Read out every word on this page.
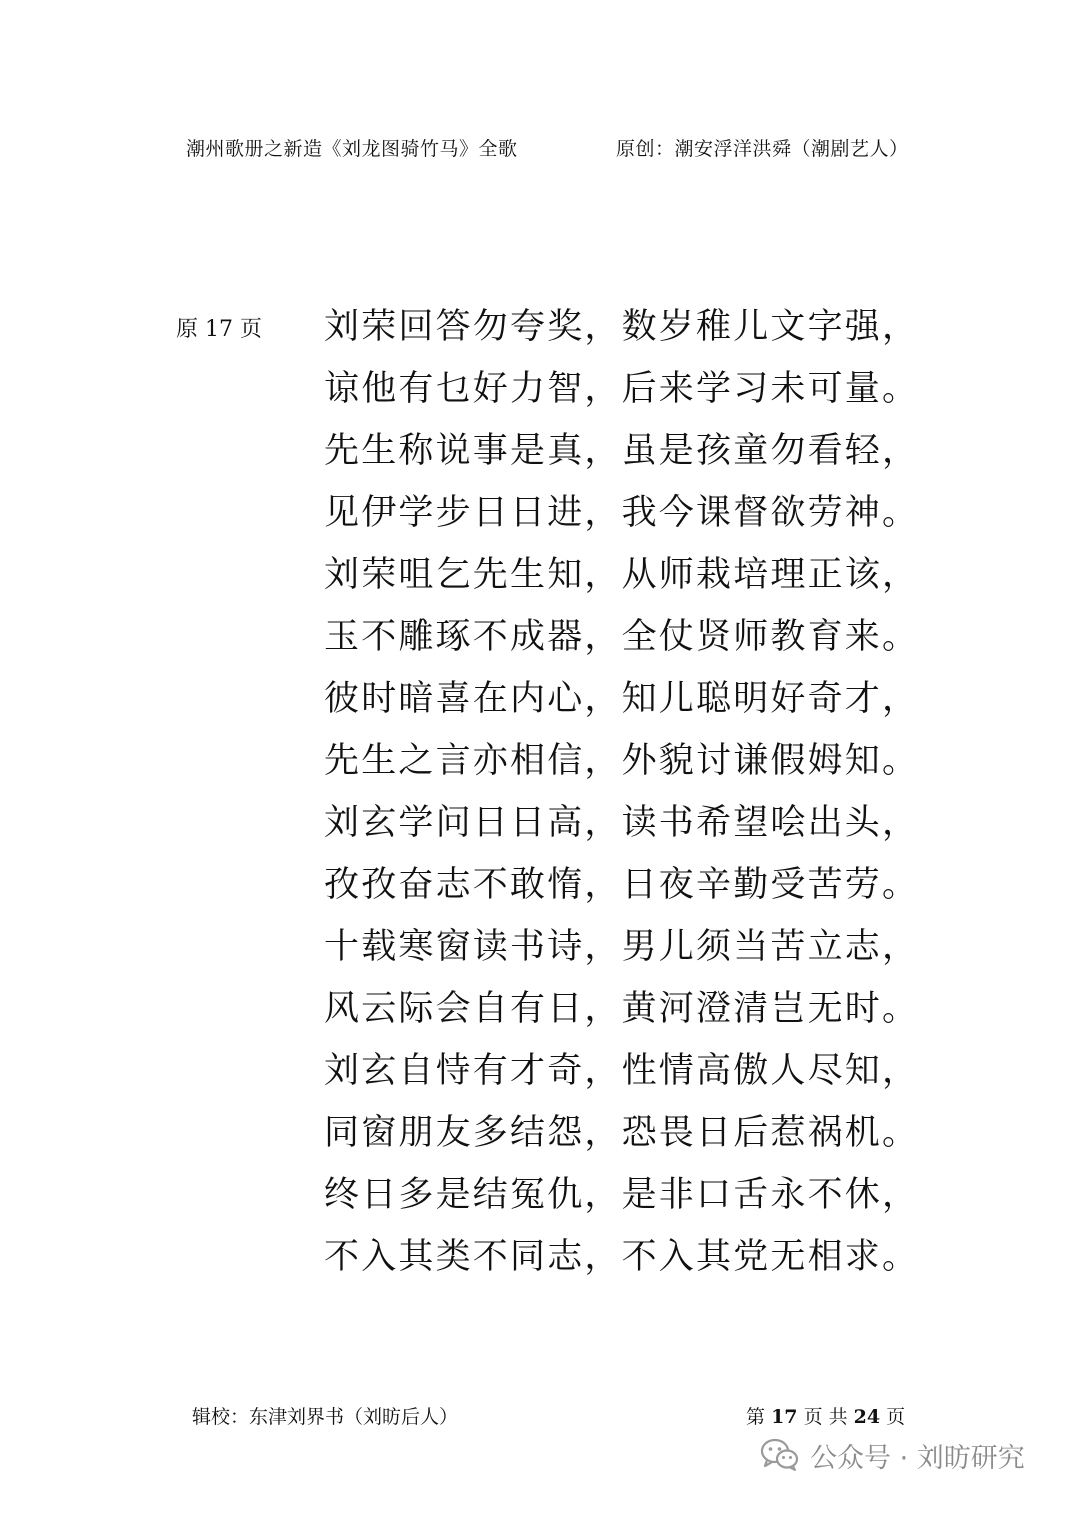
潮州歌册之新造《刘龙图骑竹马》全歌	原创：潮安浮洋洪舜（潮剧艺人）
原 17 页 刘荣回答勿夸奖，数岁稚儿文字强，
谅他有乜好力智，后来学习未可量。
先生称说事是真，虽是孩童勿看轻，
见伊学步日日进，我今课督欲劳神。
刘荣咀乞先生知，从师栽培理正该，
玉不雕琢不成器，全仗贤师教育来。
彼时暗喜在内心，知儿聪明好奇才，
先生之言亦相信，外貌讨谦假姆知。
刘玄学问日日高，读书希望哙出头，
孜孜奋志不敢惰，日夜辛勤受苦劳。
十载寒窗读书诗，男儿须当苦立志，
风云际会自有日，黄河澄清岂无时。
刘玄自恃有才奇，性情高傲人尽知，
同窗朋友多结怨，恐畏日后惹祸机。
终日多是结冤仇，是非口舌永不休，
不入其类不同志，不入其党无相求。
辑校：东津刘界书（刘昉后人）	第 17 页 共 24 页
公众号 · 刘昉研究
